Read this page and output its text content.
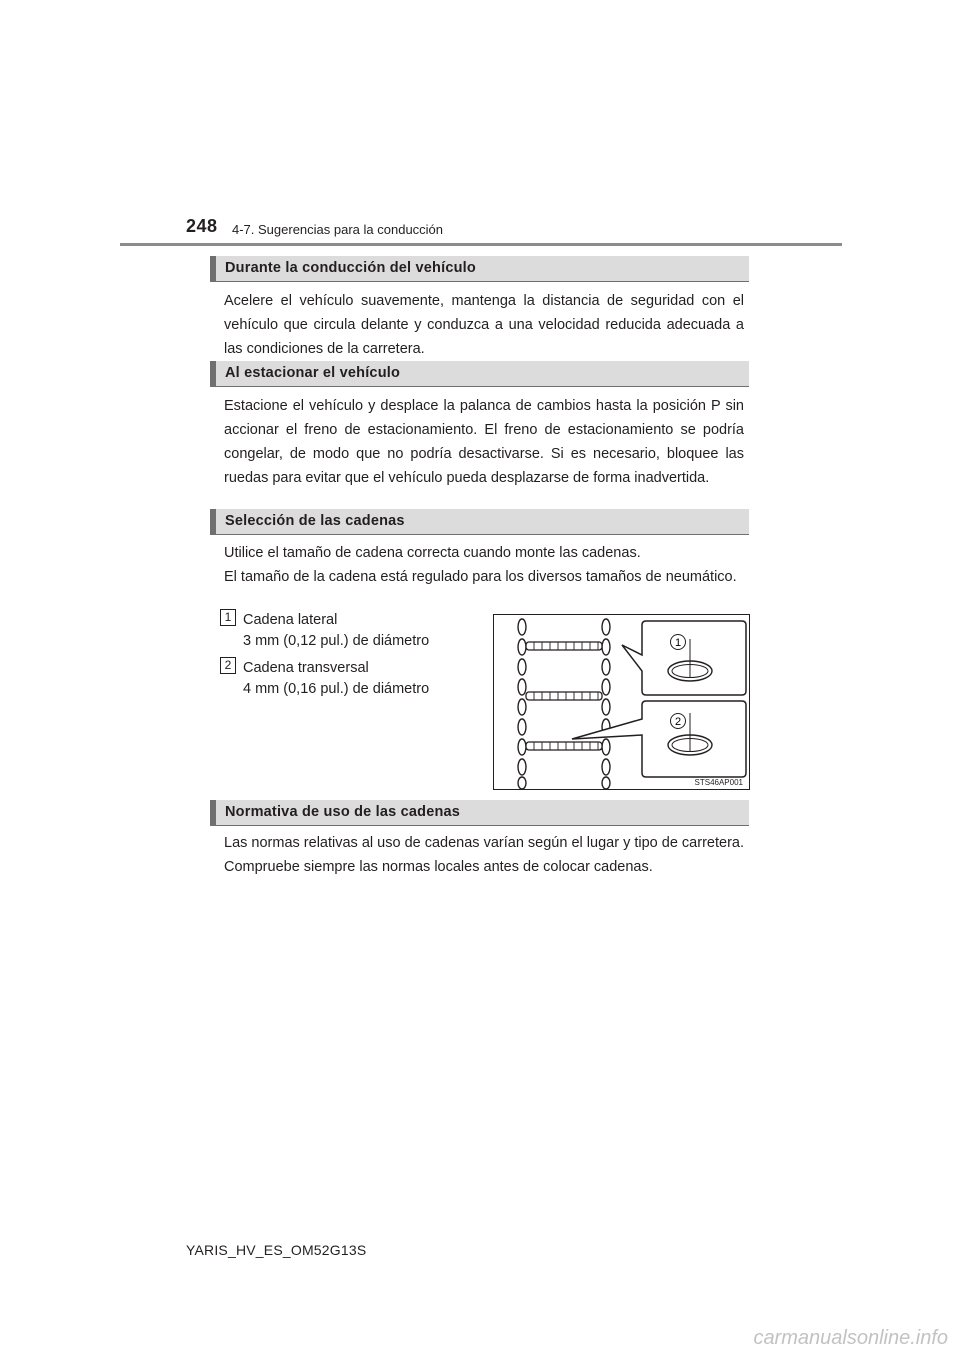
248 4-7. Sugerencias para la conducción
Durante la conducción del vehículo

Acelere el vehículo suavemente, mantenga la distancia de seguridad con el vehículo que circula delante y conduzca a una velocidad reducida adecuada a las condiciones de la carretera.

Al estacionar el vehículo

Estacione el vehículo y desplace la palanca de cambios hasta la posición P sin accionar el freno de estacionamiento. El freno de estacionamiento se podría congelar, de modo que no podría desactivarse. Si es necesario, bloquee las ruedas para evitar que el vehículo pueda desplazarse de forma inadvertida.

Selección de las cadenas

Utilice el tamaño de cadena correcta cuando monte las cadenas.

El tamaño de la cadena está regulado para los diversos tamaños de neumático.

1 Cadena lateral
3 mm (0,12 pul.) de diámetro
2 Cadena transversal
4 mm (0,16 pul.) de diámetro
1
2
STS46AP001
Normativa de uso de las cadenas

Las normas relativas al uso de cadenas varían según el lugar y tipo de carretera. Compruebe siempre las normas locales antes de colocar cadenas.

YARIS_HV_ES_OM52G13S
carmanualsonline.info
